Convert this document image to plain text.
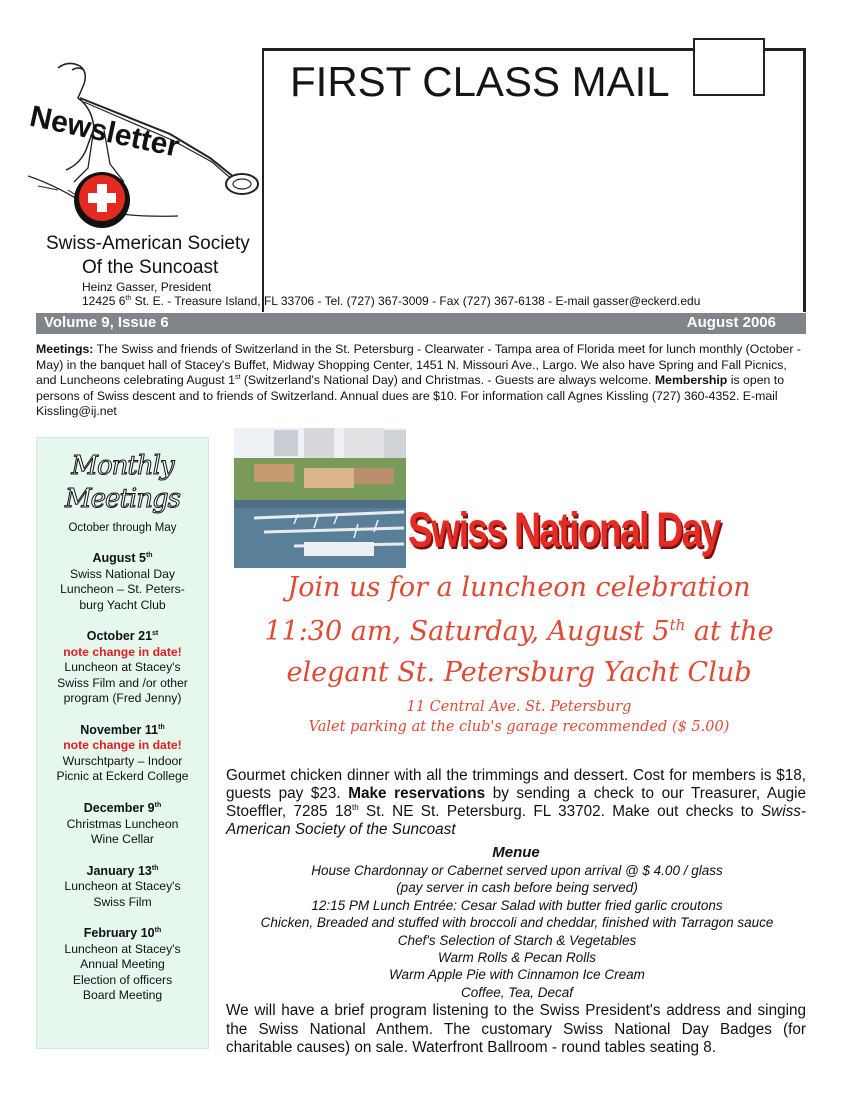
Newsletter
FIRST CLASS MAIL
Swiss-American Society
Of the Suncoast
Heinz Gasser, President
12425 6th St. E. - Treasure Island, FL 33706 - Tel. (727) 367-3009 - Fax (727) 367-6138 - E-mail gasser@eckerd.edu
Volume 9, Issue 6	August 2006
Meetings: The Swiss and friends of Switzerland in the St. Petersburg - Clearwater - Tampa area of Florida meet for lunch monthly (October - May) in the banquet hall of Stacey's Buffet, Midway Shopping Center, 1451 N. Missouri Ave., Largo. We also have Spring and Fall Picnics, and Luncheons celebrating August 1st (Switzerland's National Day) and Christmas. - Guests are always welcome. Membership is open to persons of Swiss descent and to friends of Switzerland. Annual dues are $10. For information call Agnes Kissling (727) 360-4352. E-mail Kissling@ij.net
Monthly
Meetings
October through May
August 5th
Swiss National Day
Luncheon – St. Peters-
burg Yacht Club
October 21st
note change in date!
Luncheon at Stacey's
Swiss Film and /or other
program (Fred Jenny)
November 11th
note change in date!
Wurschtparty – Indoor
Picnic at Eckerd College
December 9th
Christmas Luncheon
Wine Cellar
January 13th
Luncheon at Stacey's
Swiss Film
February 10th
Luncheon at Stacey's
Annual Meeting
Election of officers
Board Meeting
Swiss National Day
Join us for a luncheon celebration
11:30 am, Saturday, August 5th at the
elegant St. Petersburg Yacht Club
11 Central Ave. St. Petersburg
Valet parking at the club's garage recommended ($ 5.00)
Gourmet chicken dinner with all the trimmings and dessert. Cost for members is $18, guests pay $23. Make reservations by sending a check to our Treasurer, Augie Stoeffler, 7285 18th St. NE St. Petersburg. FL 33702. Make out checks to Swiss-American Society of the Suncoast
Menue
House Chardonnay or Cabernet served upon arrival @ $ 4.00 / glass
(pay server in cash before being served)
12:15 PM Lunch Entrée: Cesar Salad with butter fried garlic croutons
Chicken, Breaded and stuffed with broccoli and cheddar, finished with Tarragon sauce
Chef's Selection of Starch & Vegetables
Warm Rolls & Pecan Rolls
Warm Apple Pie with Cinnamon Ice Cream
Coffee, Tea, Decaf
We will have a brief program listening to the Swiss President's address and singing the Swiss National Anthem. The customary Swiss National Day Badges (for charitable causes) on sale. Waterfront Ballroom - round tables seating 8.
